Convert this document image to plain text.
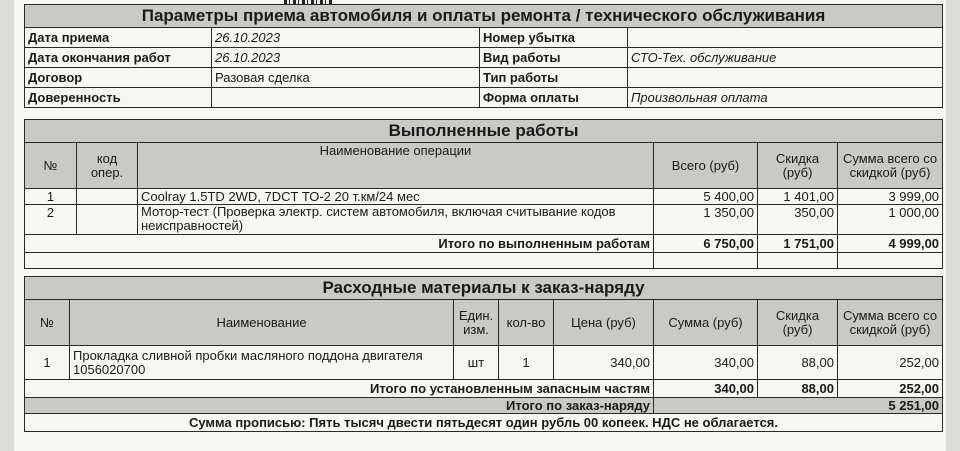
Параметры приема автомобиля и оплаты ремонта / технического обслуживания			
Дата приема	26.10.2023	Номер убытка	
Дата окончания работ	26.10.2023	Вид работы	СТО-Тех. обслуживание
Договор	Разовая сделка	Тип работы	
Доверенность		Форма оплаты	Произвольная оплата
Выполненные работы					
№	код опер.	Наименование операции	Всего (руб)	Скидка (руб)	Сумма всего со скидкой (руб)
1		Coolray 1.5TD 2WD, 7DCT ТО-2 20 т.км/24 мес	5 400,00	1 401,00	3 999,00
2		Мотор-тест (Проверка электр. систем автомобиля, включая считывание кодов неисправностей)	1 350,00	350,00	1 000,00
Итого по выполненным работам			6 750,00	1 751,00	4 999,00

Расходные материалы к заказ-наряду							
№	Наименование	Един. изм.	кол-во	Цена (руб)	Сумма (руб)	Скидка (руб)	Сумма всего со скидкой (руб)
1	Прокладка сливной пробки масляного поддона двигателя 1056020700	шт	1	340,00	340,00	88,00	252,00
Итого по установленным запасным частям					340,00	88,00	252,00
Итого по заказ-наряду					5 251,00		
Сумма прописью: Пять тысяч двести пятьдесят один рубль 00 копеек. НДС не облагается.							
